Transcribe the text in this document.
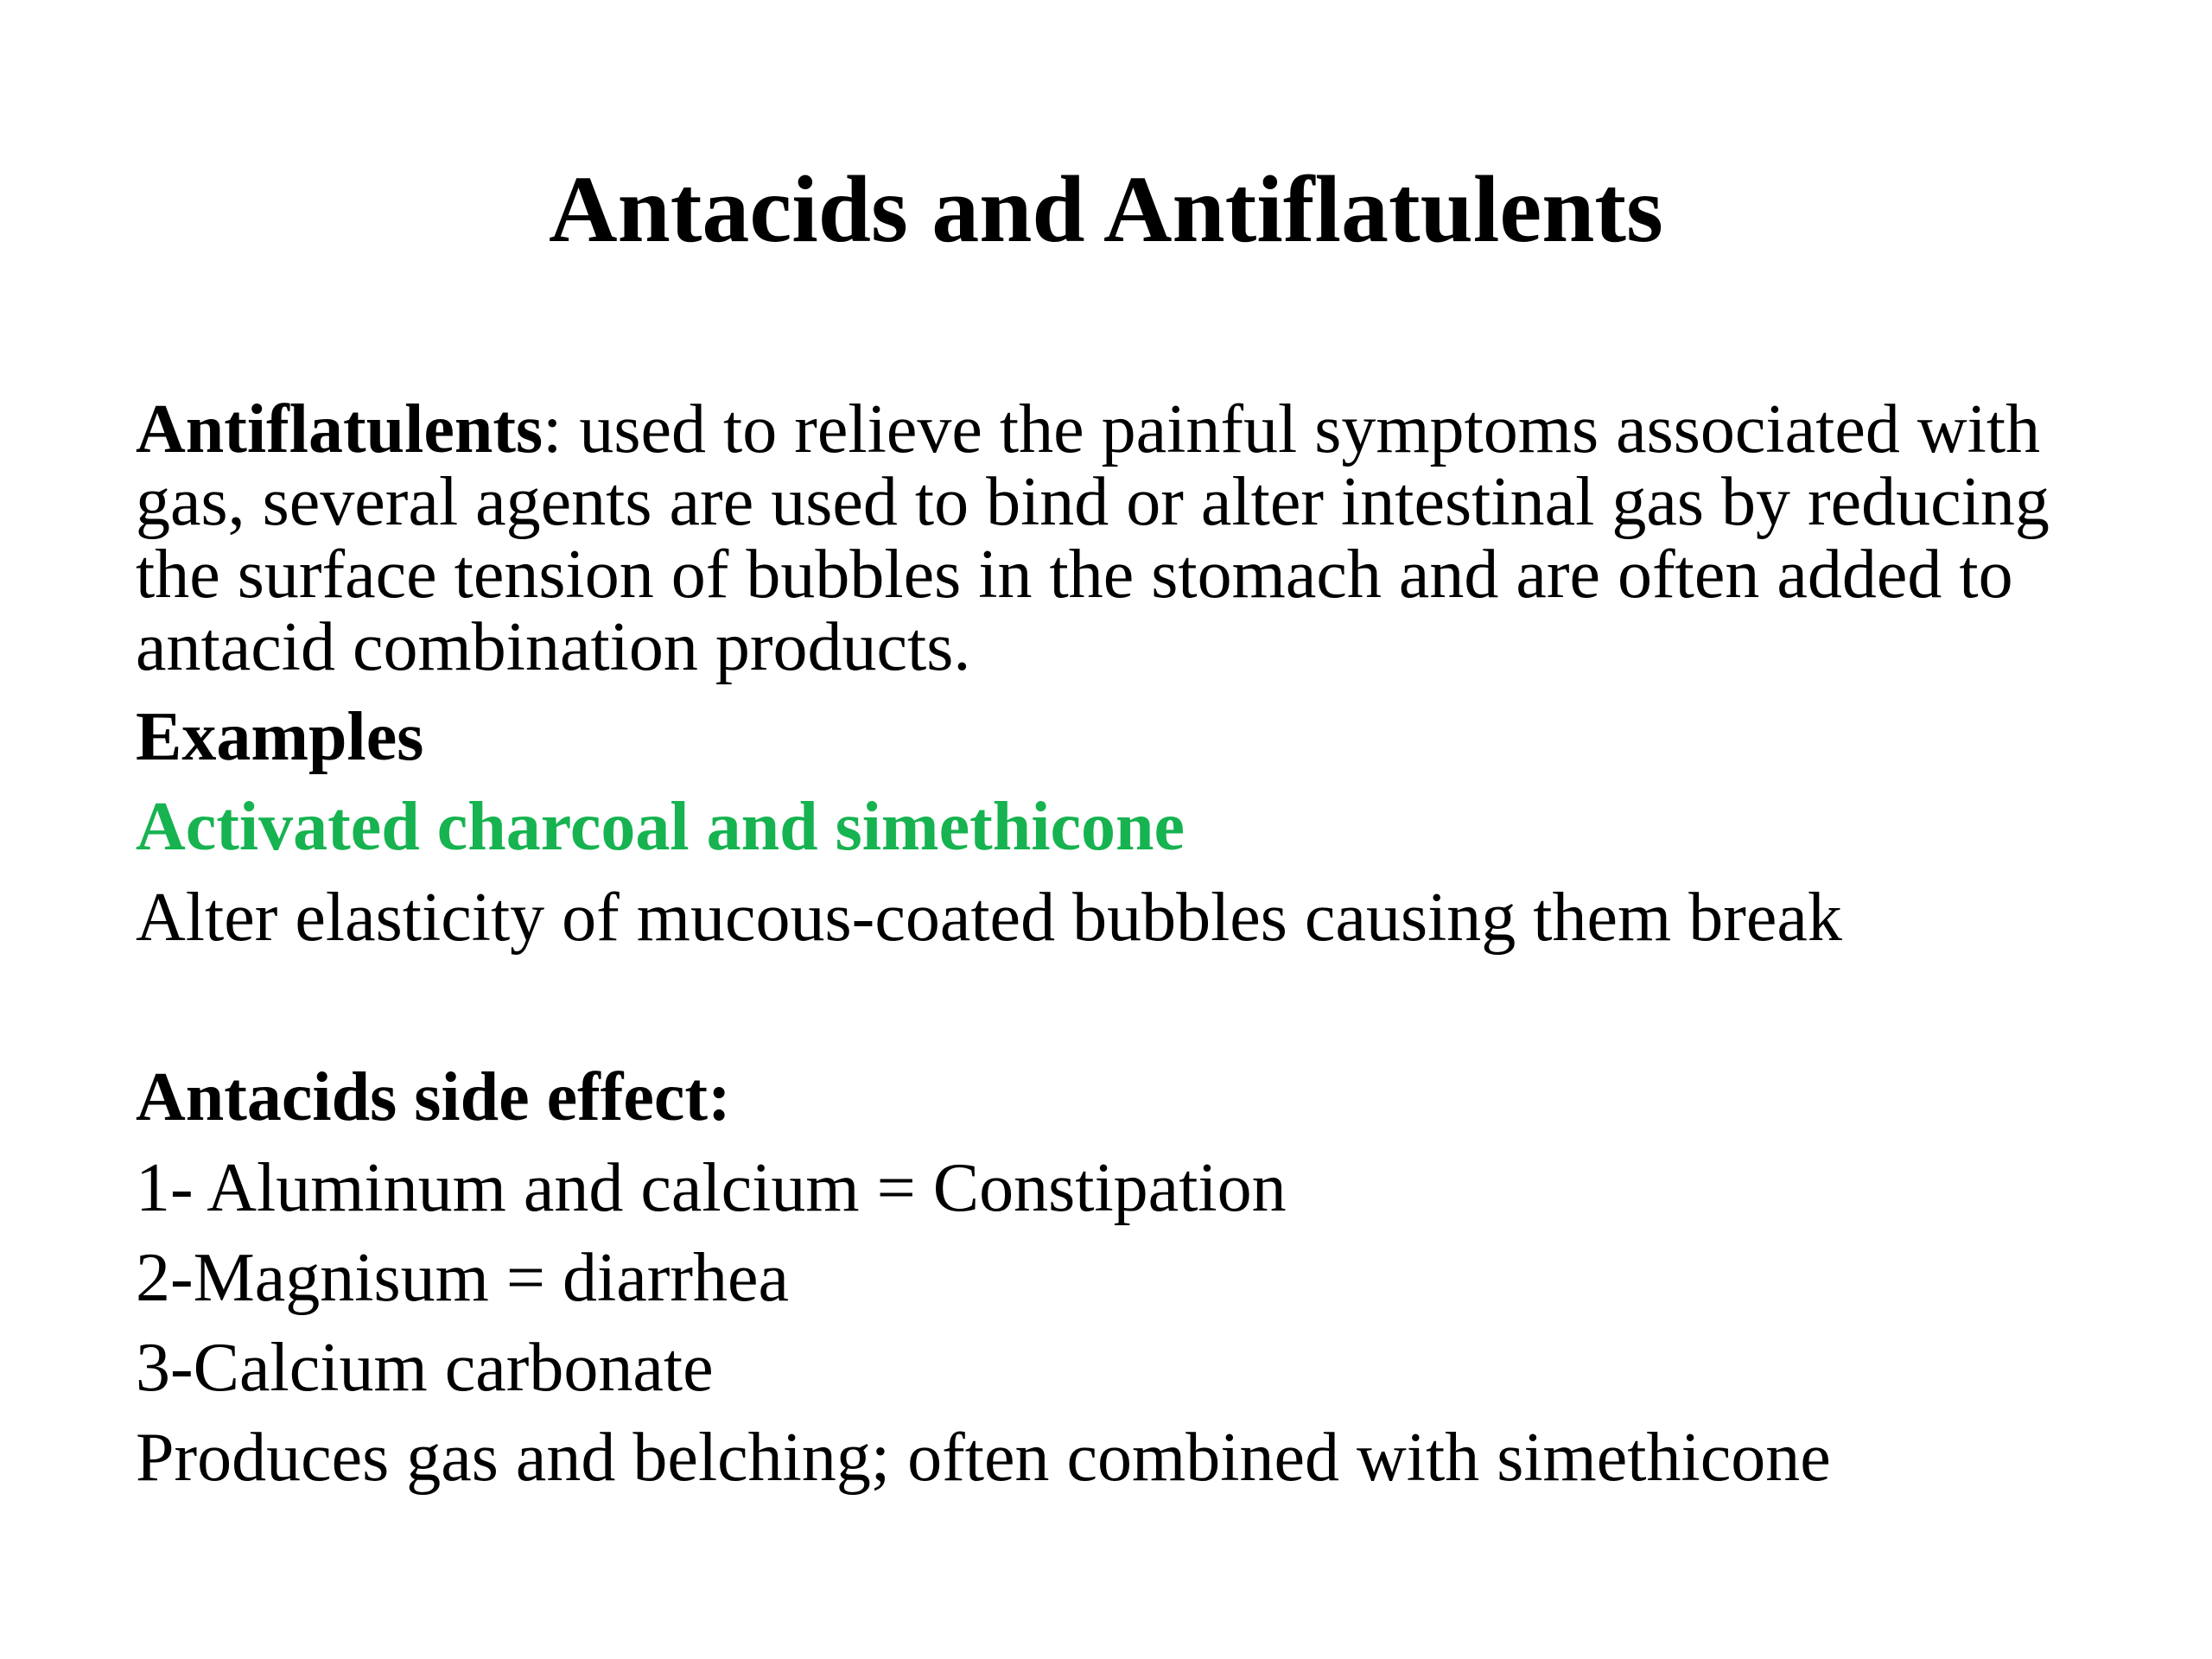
Antacids and Antiflatulents
Antiflatulents: used to relieve the painful symptoms associated with gas, several agents are used to bind or alter intestinal gas by reducing the surface tension of bubbles in the stomach and are often added to antacid combination products.
Examples
Activated charcoal and simethicone
Alter elasticity of mucous-coated bubbles causing them break
Antacids side effect:
1- Aluminum and calcium = Constipation
2-Magnisum = diarrhea
3-Calcium carbonate
Produces gas and belching; often combined with simethicone
